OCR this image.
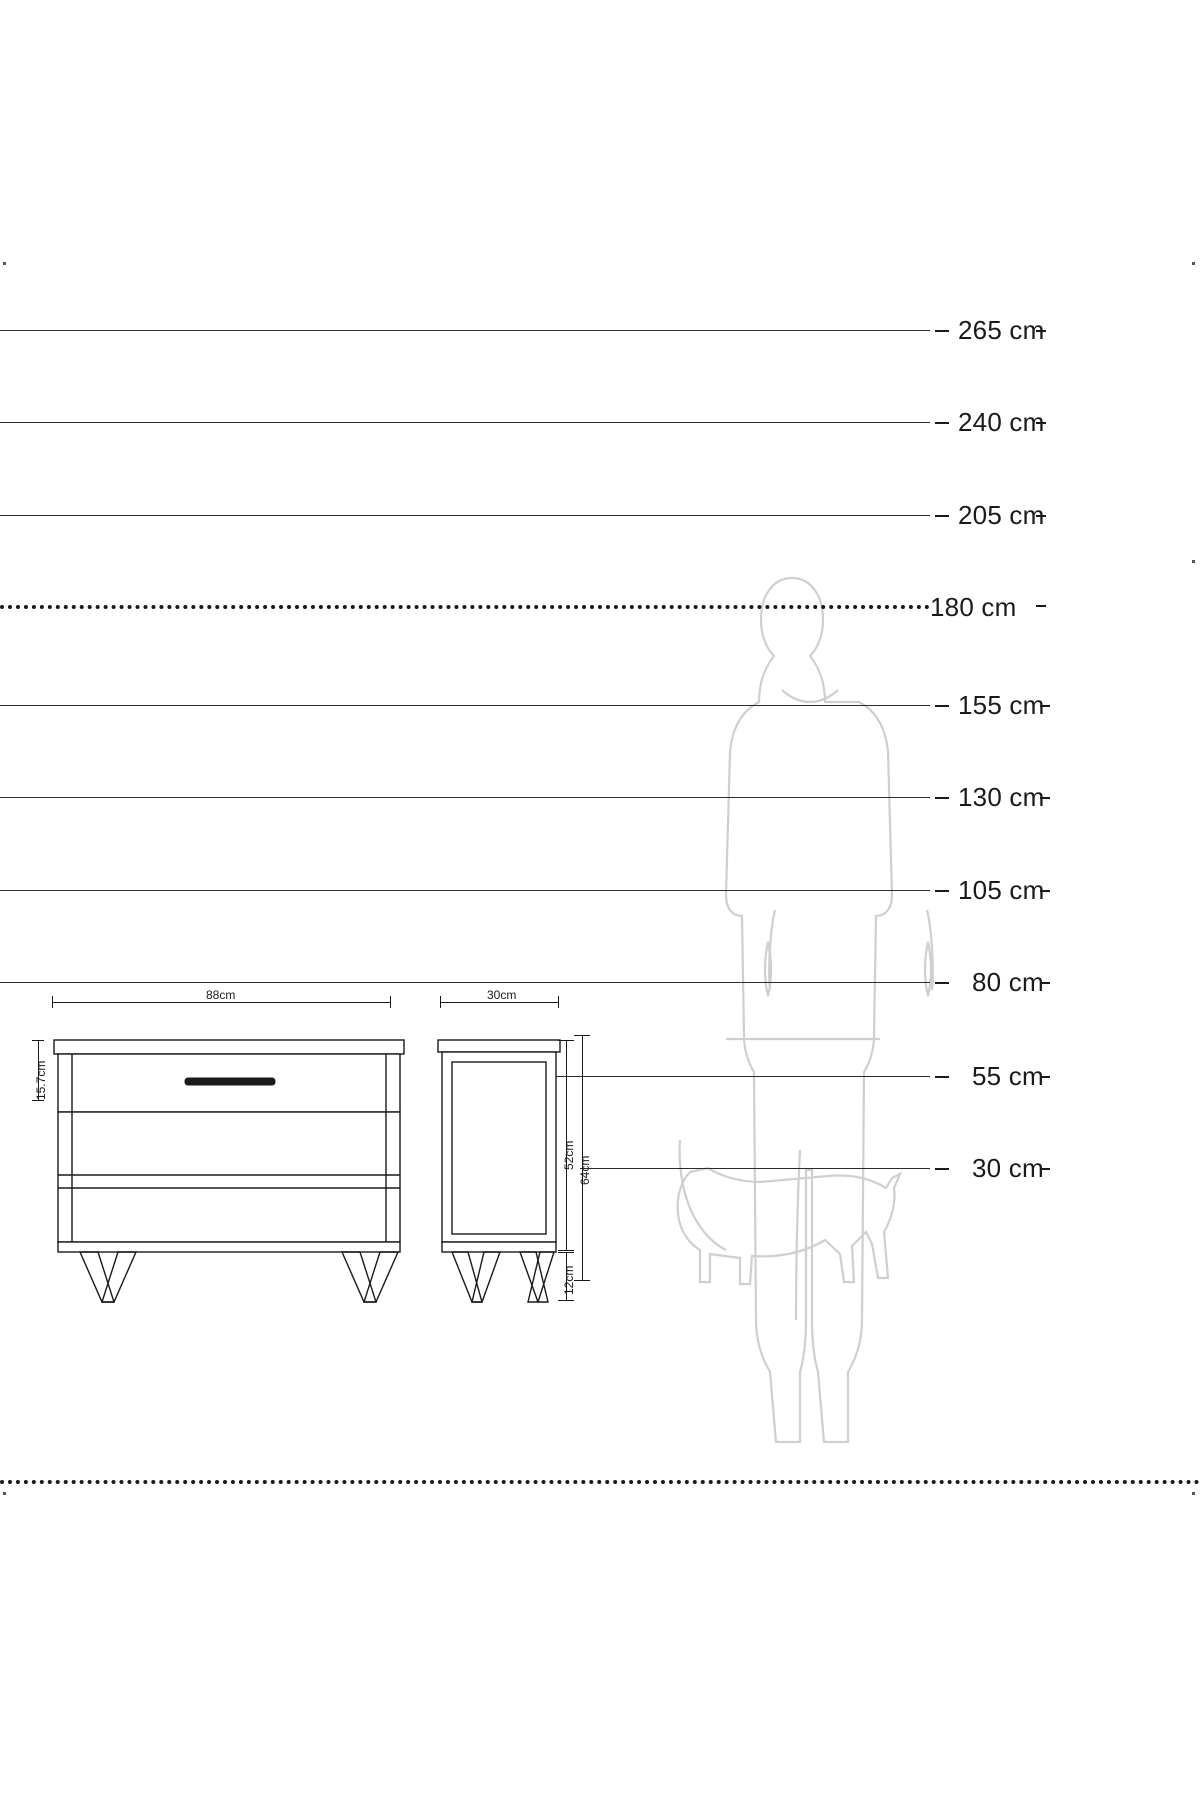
265 cm
240 cm
205 cm
180 cm
155 cm
130 cm
105 cm
80 cm
55 cm
30 cm
88cm
15.7cm
30cm
52cm
64cm
12cm
